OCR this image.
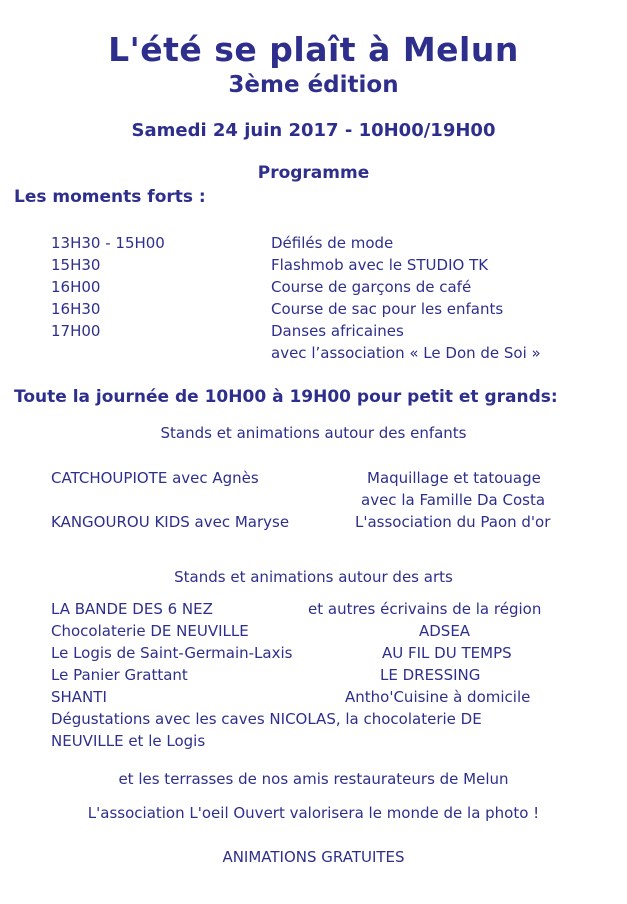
L'été se plaît à Melun
3ème édition
Samedi 24 juin 2017 - 10H00/19H00
Programme
Les moments forts :
13H30 - 15H00
15H30
16H00
16H30
17H00
Défilés de mode
Flashmob avec le STUDIO TK
Course de garçons de café
Course de sac pour les enfants
Danses africaines
avec l’association « Le Don de Soi »
Toute la journée de 10H00 à 19H00 pour petit et grands:
Stands et animations autour des enfants
CATCHOUPIOTE avec Agnès
KANGOUROU KIDS avec Maryse
Maquillage et tatouage
avec la Famille Da Costa
L'association du Paon d'or
Stands et animations autour des arts
LA BANDE DES 6 NEZ
Chocolaterie DE NEUVILLE
Le Logis de Saint-Germain-Laxis
Le Panier Grattant
SHANTI
et autres écrivains de la région
ADSEA
AU FIL DU TEMPS
LE DRESSING
Antho'Cuisine à domicile
Dégustations avec les caves NICOLAS, la chocolaterie DE
NEUVILLE et le Logis
et les terrasses de nos amis restaurateurs de Melun
L'association L'oeil Ouvert valorisera le monde de la photo !
ANIMATIONS GRATUITES
